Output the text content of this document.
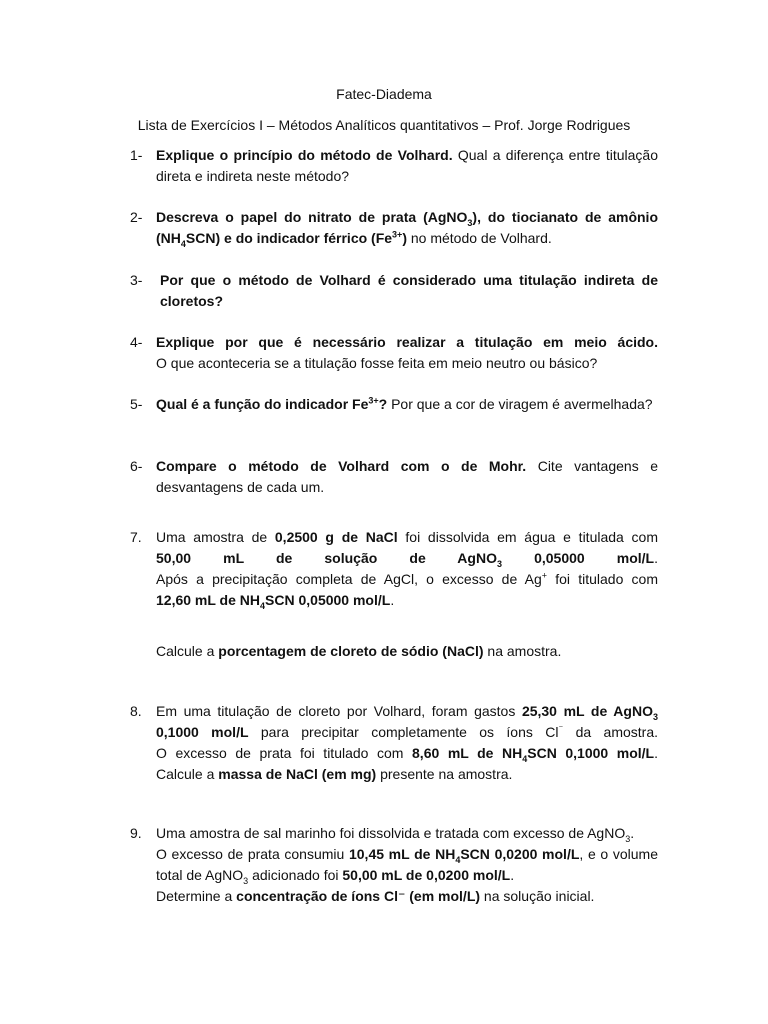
Fatec-Diadema
Lista de Exercícios I – Métodos Analíticos quantitativos – Prof. Jorge Rodrigues
1- Explique o princípio do método de Volhard. Qual a diferença entre titulação direta e indireta neste método?
2- Descreva o papel do nitrato de prata (AgNO$_3$), do tiocianato de amônio $(NH_4SCN)$ e do indicador férrico $(Fe^{3+})$ no método de Volhard.
3- Por que o método de Volhard é considerado uma titulação indireta de cloretos?
4- Explique por que é necessário realizar a titulação em meio ácido.
O que aconteceria se a titulação fosse feita em meio neutro ou básico?
5- Qual é a função do indicador $Fe^{3+}$? Por que a cor de viragem é avermelhada?
6- Compare o método de Volhard com o de Mohr. Cite vantagens e desvantagens de cada um.
7. Uma amostra de 0,2500 g de NaCl foi dissolvida em água e titulada com
50,00 mL de solução de AgNO$_3$ 0,05000 mol/L.
Após a precipitação completa de AgCl, o excesso de Ag+ foi titulado com
12,60 mL de $NH_4SCN$ 0,05000 mol/L.
Calcule a porcentagem de cloreto de sódio (NaCl) na amostra.
8. Em uma titulação de cloreto por Volhard, foram gastos 25,30 mL de AgNO$_3$
0,1000 mol/L para precipitar completamente os íons Cl⁻ da amostra.
O excesso de prata foi titulado com 8,60 mL de $NH_4SCN$ 0,1000 mol/L.
Calcule a massa de NaCl (em mg) presente na amostra.
9. Uma amostra de sal marinho foi dissolvida e tratada com excesso de AgNO$_3$.
O excesso de prata consumiu 10,45 mL de $NH_4SCN$ 0,0200 mol/L, e o volume total de AgNO$_3$ adicionado foi 50,00 mL de 0,0200 mol/L.
Determine a concentração de íons Cl⁻ (em mol/L) na solução inicial.
